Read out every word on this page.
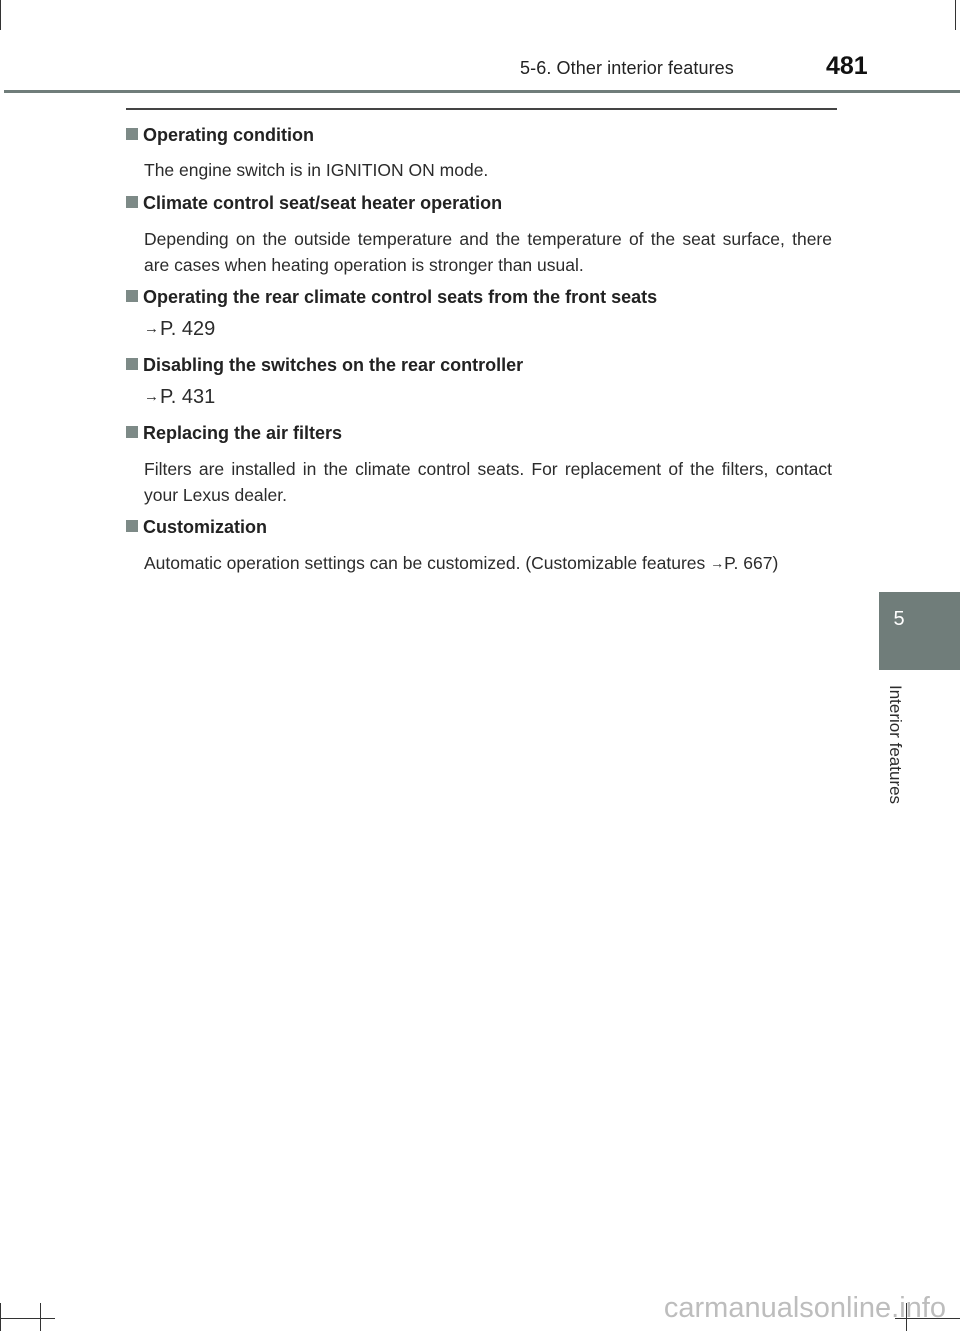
5-6. Other interior features	481
Operating condition
The engine switch is in IGNITION ON mode.
Climate control seat/seat heater operation
Depending on the outside temperature and the temperature of the seat surface, there are cases when heating operation is stronger than usual.
Operating the rear climate control seats from the front seats
→P. 429
Disabling the switches on the rear controller
→P. 431
Replacing the air filters
Filters are installed in the climate control seats. For replacement of the filters, contact your Lexus dealer.
Customization
Automatic operation settings can be customized. (Customizable features →P. 667)
5
Interior features
carmanualsonline.info
